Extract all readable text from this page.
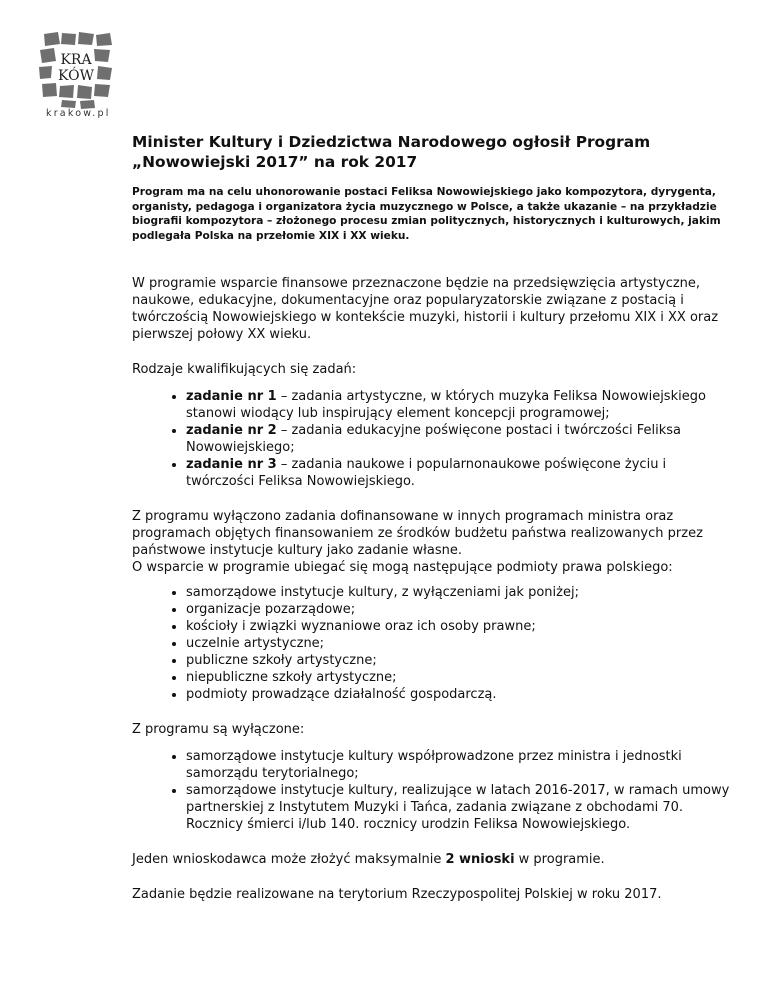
KRA
KÓW
krakow.pl
Minister Kultury i Dziedzictwa Narodowego ogłosił Program „Nowowiejski 2017” na rok 2017
Program ma na celu uhonorowanie postaci Feliksa Nowowiejskiego jako kompozytora, dyrygenta, organisty, pedagoga i organizatora życia muzycznego w Polsce, a także ukazanie – na przykładzie biografii kompozytora – złożonego procesu zmian politycznych, historycznych i kulturowych, jakim podlegała Polska na przełomie XIX i XX wieku.

W programie wsparcie finansowe przeznaczone będzie na przedsięwzięcia artystyczne, naukowe, edukacyjne, dokumentacyjne oraz popularyzatorskie związane z postacią i twórczością Nowowiejskiego w kontekście muzyki, historii i kultury przełomu XIX i XX oraz pierwszej połowy XX wieku.

Rodzaje kwalifikujących się zadań:

• zadanie nr 1 – zadania artystyczne, w których muzyka Feliksa Nowowiejskiego stanowi wiodący lub inspirujący element koncepcji programowej;
• zadanie nr 2 – zadania edukacyjne poświęcone postaci i twórczości Feliksa Nowowiejskiego;
• zadanie nr 3 – zadania naukowe i popularnonaukowe poświęcone życiu i twórczości Feliksa Nowowiejskiego.

Z programu wyłączono zadania dofinansowane w innych programach ministra oraz programach objętych finansowaniem ze środków budżetu państwa realizowanych przez państwowe instytucje kultury jako zadanie własne.

O wsparcie w programie ubiegać się mogą następujące podmioty prawa polskiego:

• samorządowe instytucje kultury, z wyłączeniami jak poniżej;
• organizacje pozarządowe;
• kościoły i związki wyznaniowe oraz ich osoby prawne;
• uczelnie artystyczne;
• publiczne szkoły artystyczne;
• niepubliczne szkoły artystyczne;
• podmioty prowadzące działalność gospodarczą.

Z programu są wyłączone:

• samorządowe instytucje kultury współprowadzone przez ministra i jednostki samorządu terytorialnego;
• samorządowe instytucje kultury, realizujące w latach 2016-2017, w ramach umowy partnerskiej z Instytutem Muzyki i Tańca, zadania związane z obchodami 70. Rocznicy śmierci i/lub 140. rocznicy urodzin Feliksa Nowowiejskiego.

Jeden wnioskodawca może złożyć maksymalnie 2 wnioski w programie.

Zadanie będzie realizowane na terytorium Rzeczypospolitej Polskiej w roku 2017.
